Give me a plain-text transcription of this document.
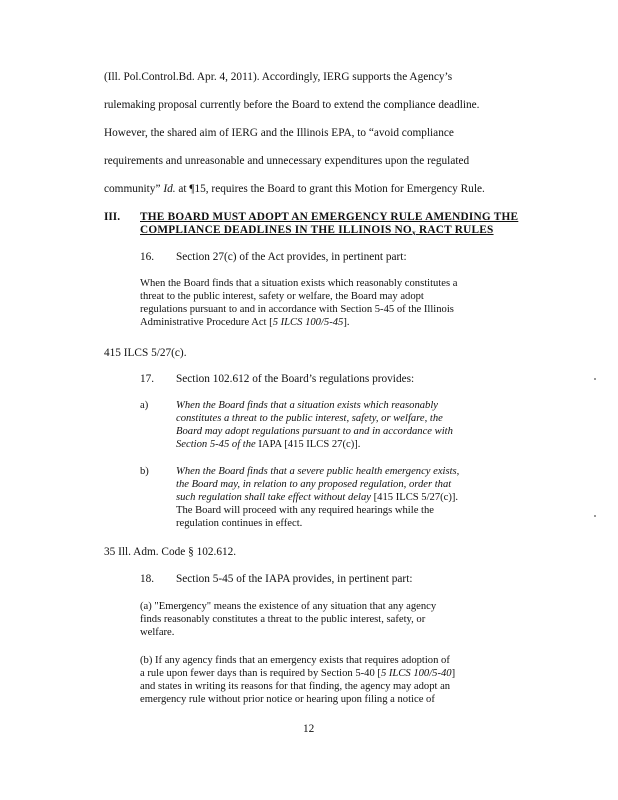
(Ill. Pol.Control.Bd. Apr. 4, 2011). Accordingly, IERG supports the Agency’s
rulemaking proposal currently before the Board to extend the compliance deadline.
However, the shared aim of IERG and the Illinois EPA, to “avoid compliance
requirements and unreasonable and unnecessary expenditures upon the regulated
community” Id. at ¶15, requires the Board to grant this Motion for Emergency Rule.
III. THE BOARD MUST ADOPT AN EMERGENCY RULE AMENDING THE
COMPLIANCE DEADLINES IN THE ILLINOIS $NO_x$ RACT RULES
16. Section 27(c) of the Act provides, in pertinent part:
When the Board finds that a situation exists which reasonably constitutes a
threat to the public interest, safety or welfare, the Board may adopt
regulations pursuant to and in accordance with Section 5-45 of the Illinois
Administrative Procedure Act [5 ILCS 100/5-45].
415 ILCS 5/27(c).
17. Section 102.612 of the Board’s regulations provides:
a)	When the Board finds that a situation exists which reasonably
constitutes a threat to the public interest, safety, or welfare, the
Board may adopt regulations pursuant to and in accordance with
Section 5-45 of the IAPA [415 ILCS 27(c)].
b)	When the Board finds that a severe public health emergency exists,
the Board may, in relation to any proposed regulation, order that
such regulation shall take effect without delay [415 ILCS 5/27(c)].
The Board will proceed with any required hearings while the
regulation continues in effect.
35 Ill. Adm. Code § 102.612.
18. Section 5-45 of the IAPA provides, in pertinent part:
(a) "Emergency" means the existence of any situation that any agency
finds reasonably constitutes a threat to the public interest, safety, or
welfare.
(b) If any agency finds that an emergency exists that requires adoption of
a rule upon fewer days than is required by Section 5-40 [5 ILCS 100/5-40]
and states in writing its reasons for that finding, the agency may adopt an
emergency rule without prior notice or hearing upon filing a notice of
12
